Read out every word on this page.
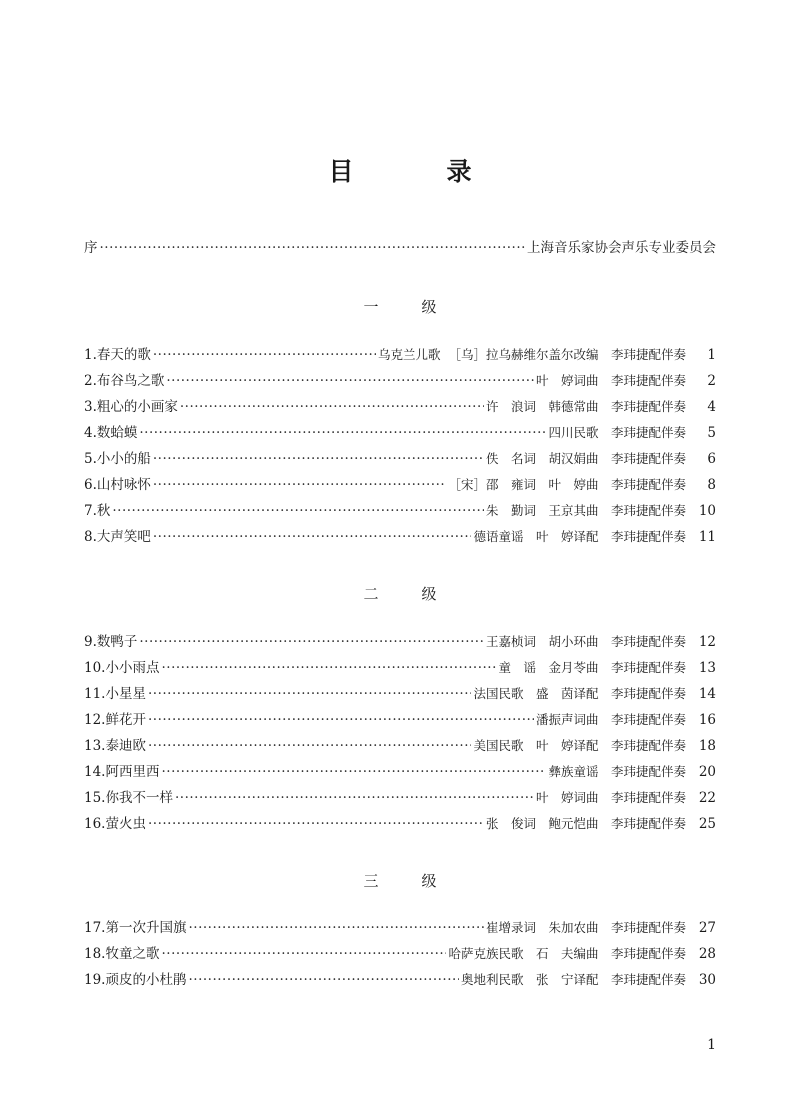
目　录
序 ·····	上海音乐家协会声乐专业委员会
一　级
1. 春天的歌 ·····	乌克兰儿歌 ［乌］拉乌赫维尔盖尔改编　李玮捷配伴奏	1
2. 布谷鸟之歌 ·····	叶　婷词曲　李玮捷配伴奏	2
3. 粗心的小画家 ·····	许　浪词　韩德常曲　李玮捷配伴奏	4
4. 数蛤蟆 ·····	四川民歌　李玮捷配伴奏	5
5. 小小的船 ·····	佚　名词　胡汉娟曲　李玮捷配伴奏	6
6. 山村咏怀 ·····	［宋］邵　雍词　叶　婷曲　李玮捷配伴奏	8
7. 秋 ·····	朱　勤词　王京其曲　李玮捷配伴奏 10
8. 大声笑吧 ·····	德语童谣　叶　婷译配　李玮捷配伴奏 11
二　级
9. 数鸭子 ·····	王嘉桢词　胡小环曲　李玮捷配伴奏 12
10. 小小雨点 ·····	童　谣　金月苓曲　李玮捷配伴奏 13
11. 小星星 ·····	法国民歌　盛　茵译配　李玮捷配伴奏 14
12. 鲜花开 ·····	潘振声词曲　李玮捷配伴奏 16
13. 泰迪欧 ·····	美国民歌　叶　婷译配　李玮捷配伴奏 18
14. 阿西里西 ·····	彝族童谣　李玮捷配伴奏 20
15. 你我不一样 ·····	叶　婷词曲　李玮捷配伴奏 22
16. 萤火虫 ·····	张　俊词　鲍元恺曲　李玮捷配伴奏 25
三　级
17. 第一次升国旗 ·····	崔增录词　朱加农曲　李玮捷配伴奏 27
18. 牧童之歌 ·····	哈萨克族民歌　石　夫编曲　李玮捷配伴奏 28
19. 顽皮的小杜鹃 ·····	奥地利民歌　张　宁译配　李玮捷配伴奏 30
1
